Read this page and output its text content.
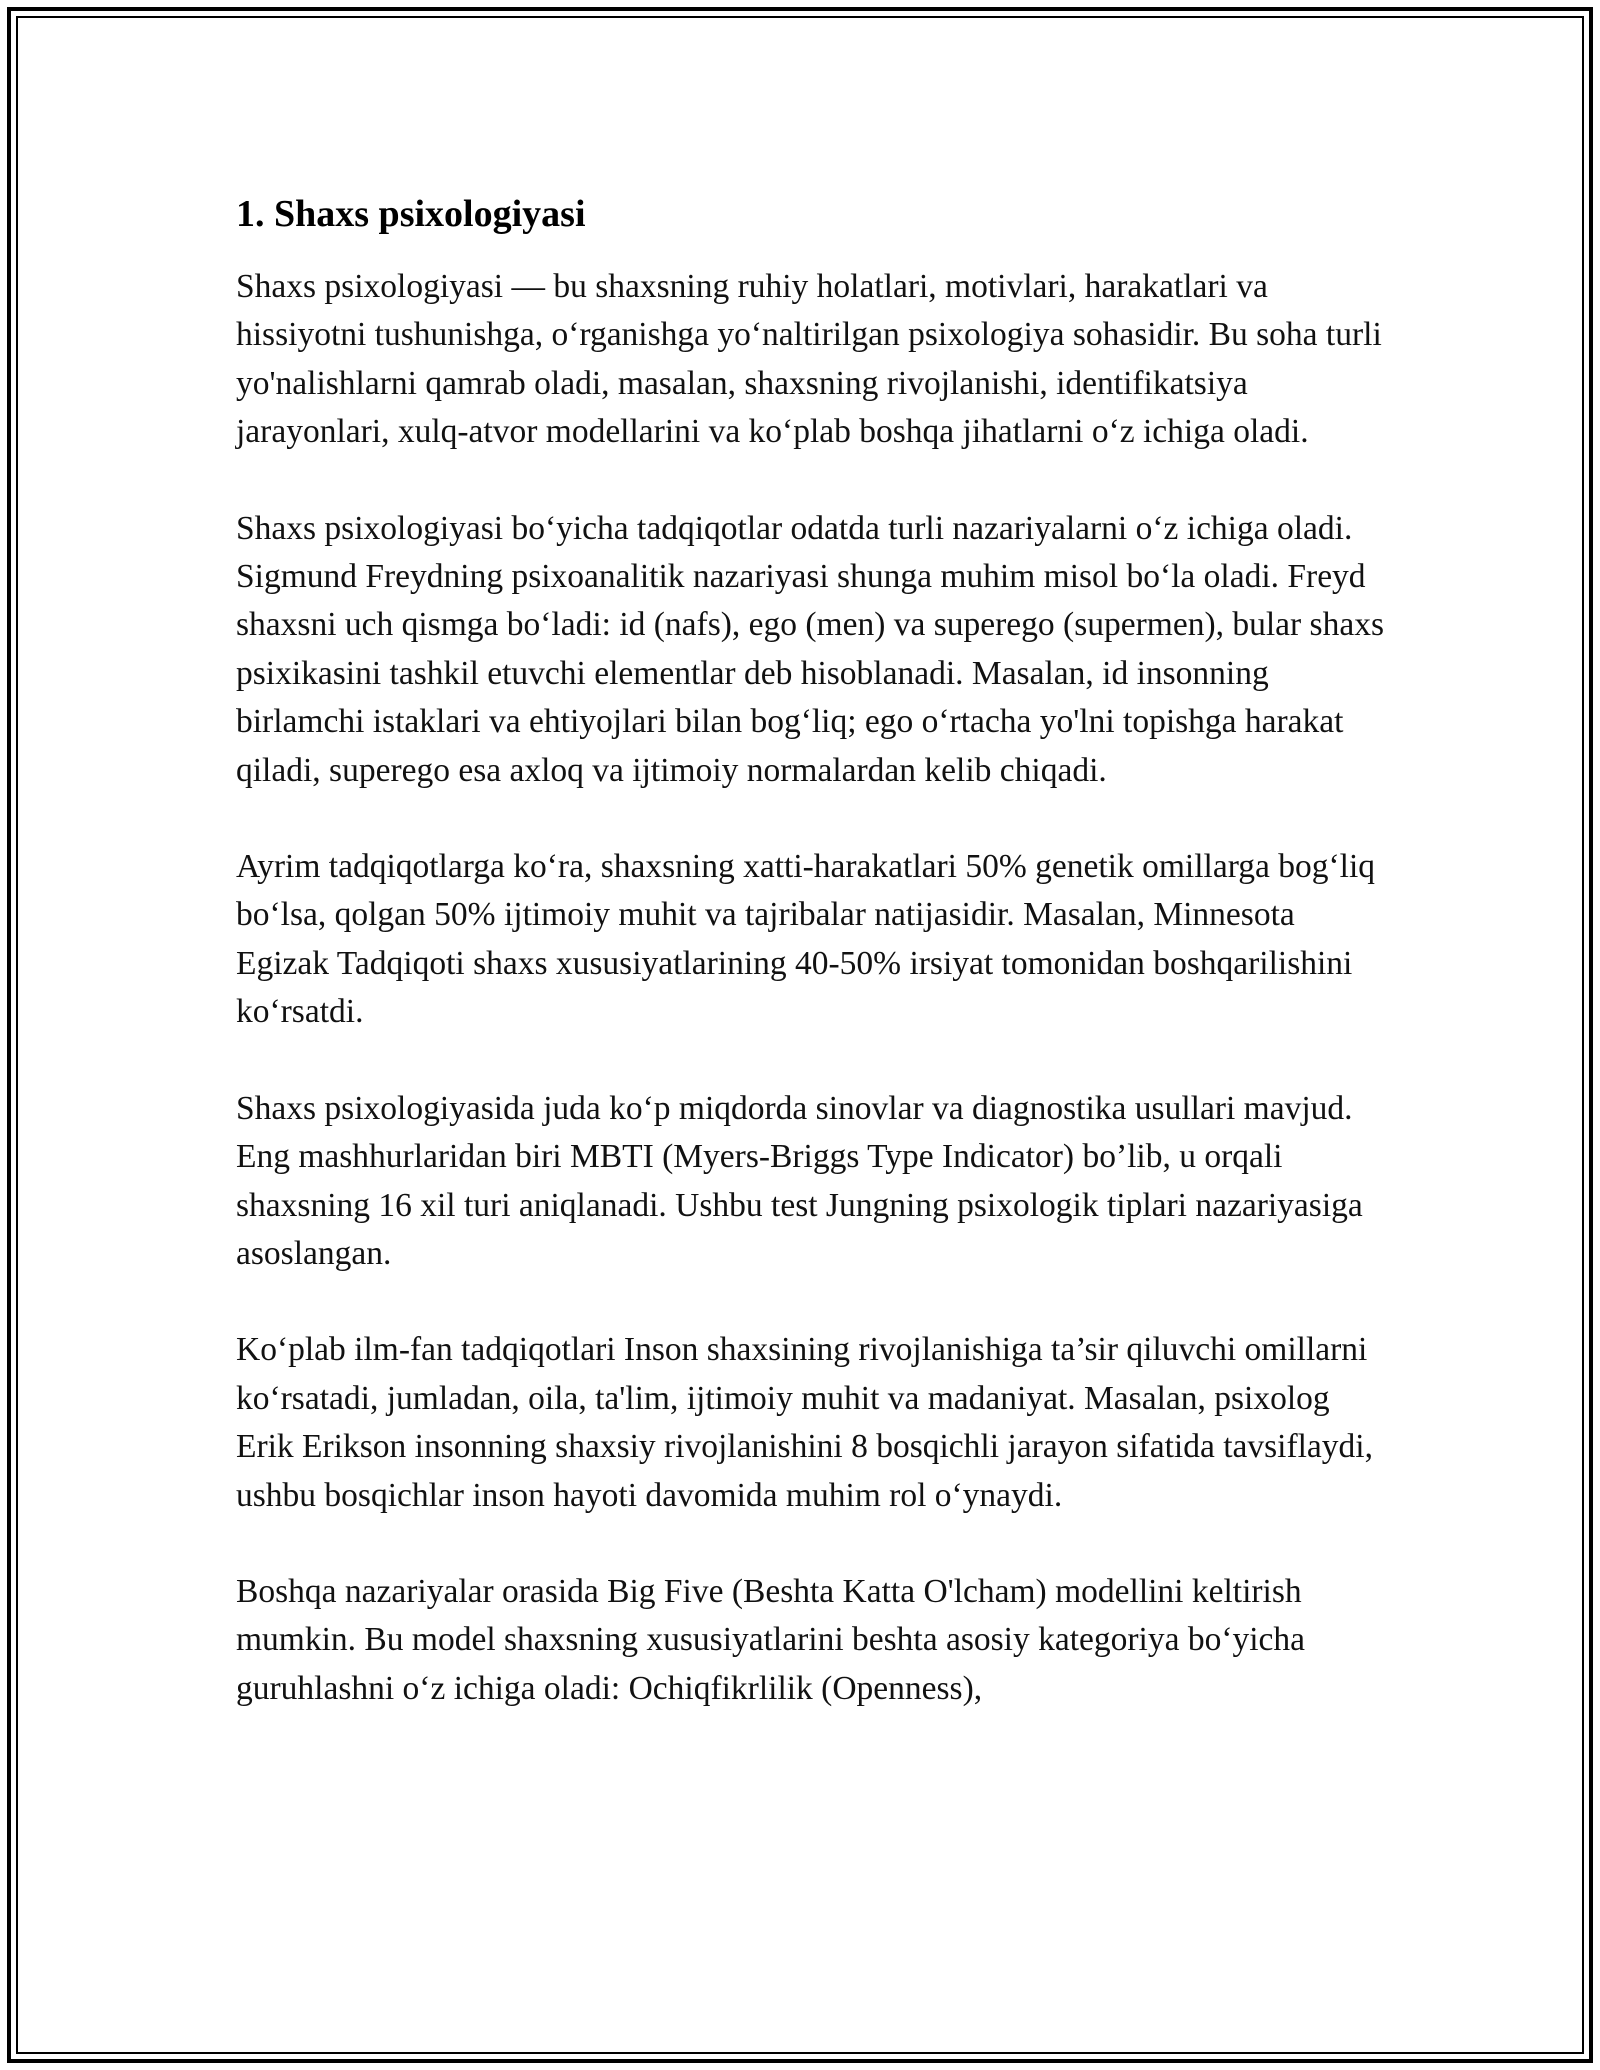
1. Shaxs psixologiyasi

Shaxs psixologiyasi — bu shaxsning ruhiy holatlari, motivlari, harakatlari va hissiyotni tushunishga, oʻrganishga yoʻnaltirilgan psixologiya sohasidir. Bu soha turli yo'nalishlarni qamrab oladi, masalan, shaxsning rivojlanishi, identifikatsiya jarayonlari, xulq-atvor modellarini va koʻplab boshqa jihatlarni oʻz ichiga oladi.

Shaxs psixologiyasi boʻyicha tadqiqotlar odatda turli nazariyalarni oʻz ichiga oladi. Sigmund Freydning psixoanalitik nazariyasi shunga muhim misol boʻla oladi. Freyd shaxsni uch qismga boʻladi: id (nafs), ego (men) va superego (supermen), bular shaxs psixikasini tashkil etuvchi elementlar deb hisoblanadi. Masalan, id insonning birlamchi istaklari va ehtiyojlari bilan bogʻliq; ego oʻrtacha yo'lni topishga harakat qiladi, superego esa axloq va ijtimoiy normalardan kelib chiqadi.

Ayrim tadqiqotlarga koʻra, shaxsning xatti-harakatlari 50% genetik omillarga bogʻliq boʻlsa, qolgan 50% ijtimoiy muhit va tajribalar natijasidir. Masalan, Minnesota Egizak Tadqiqoti shaxs xususiyatlarining 40-50% irsiyat tomonidan boshqarilishini koʻrsatdi.

Shaxs psixologiyasida juda koʻp miqdorda sinovlar va diagnostika usullari mavjud. Eng mashhurlaridan biri MBTI (Myers-Briggs Type Indicator) bo’lib, u orqali shaxsning 16 xil turi aniqlanadi. Ushbu test Jungning psixologik tiplari nazariyasiga asoslangan.

Koʻplab ilm-fan tadqiqotlari Inson shaxsining rivojlanishiga ta’sir qiluvchi omillarni koʻrsatadi, jumladan, oila, ta'lim, ijtimoiy muhit va madaniyat. Masalan, psixolog Erik Erikson insonning shaxsiy rivojlanishini 8 bosqichli jarayon sifatida tavsiflaydi, ushbu bosqichlar inson hayoti davomida muhim rol oʻynaydi.

Boshqa nazariyalar orasida Big Five (Beshta Katta O'lcham) modellini keltirish mumkin. Bu model shaxsning xususiyatlarini beshta asosiy kategoriya boʻyicha guruhlashni oʻz ichiga oladi: Ochiqfikrlilik (Openness),
